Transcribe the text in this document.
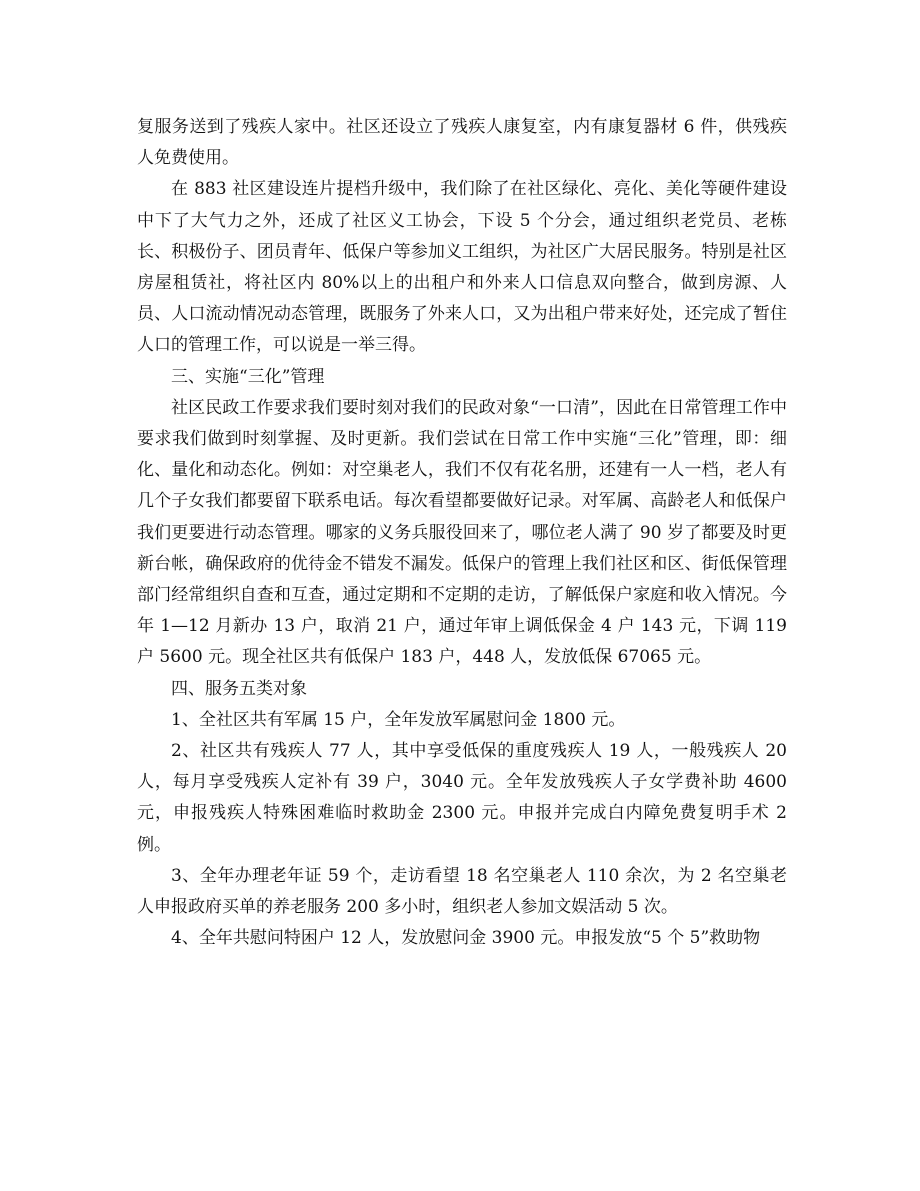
复服务送到了残疾人家中。社区还设立了残疾人康复室，内有康复器材 6 件，供残疾人免费使用。

在 883 社区建设连片提档升级中，我们除了在社区绿化、亮化、美化等硬件建设中下了大气力之外，还成了社区义工协会，下设 5 个分会，通过组织老党员、老栋长、积极份子、团员青年、低保户等参加义工组织，为社区广大居民服务。特别是社区房屋租赁社，将社区内 80%以上的出租户和外来人口信息双向整合，做到房源、人员、人口流动情况动态管理，既服务了外来人口，又为出租户带来好处，还完成了暂住人口的管理工作，可以说是一举三得。

三、实施“三化”管理

社区民政工作要求我们要时刻对我们的民政对象“一口清”，因此在日常管理工作中要求我们做到时刻掌握、及时更新。我们尝试在日常工作中实施“三化”管理，即：细化、量化和动态化。例如：对空巢老人，我们不仅有花名册，还建有一人一档，老人有几个子女我们都要留下联系电话。每次看望都要做好记录。对军属、高龄老人和低保户我们更要进行动态管理。哪家的义务兵服役回来了，哪位老人满了 90 岁了都要及时更新台帐，确保政府的优待金不错发不漏发。低保户的管理上我们社区和区、街低保管理部门经常组织自查和互查，通过定期和不定期的走访，了解低保户家庭和收入情况。今年 1—12 月新办 13 户，取消 21 户，通过年审上调低保金 4 户 143 元，下调 119 户 5600 元。现全社区共有低保户 183 户，448 人，发放低保 67065 元。

四、服务五类对象

1、全社区共有军属 15 户，全年发放军属慰问金 1800 元。

2、社区共有残疾人 77 人，其中享受低保的重度残疾人 19 人，一般残疾人 20 人，每月享受残疾人定补有 39 户，3040 元。全年发放残疾人子女学费补助 4600 元，申报残疾人特殊困难临时救助金 2300 元。申报并完成白内障免费复明手术 2 例。

3、全年办理老年证 59 个，走访看望 18 名空巢老人 110 余次，为 2 名空巢老人申报政府买单的养老服务 200 多小时，组织老人参加文娱活动 5 次。

4、全年共慰问特困户 12 人，发放慰问金 3900 元。申报发放“5 个 5”救助物
